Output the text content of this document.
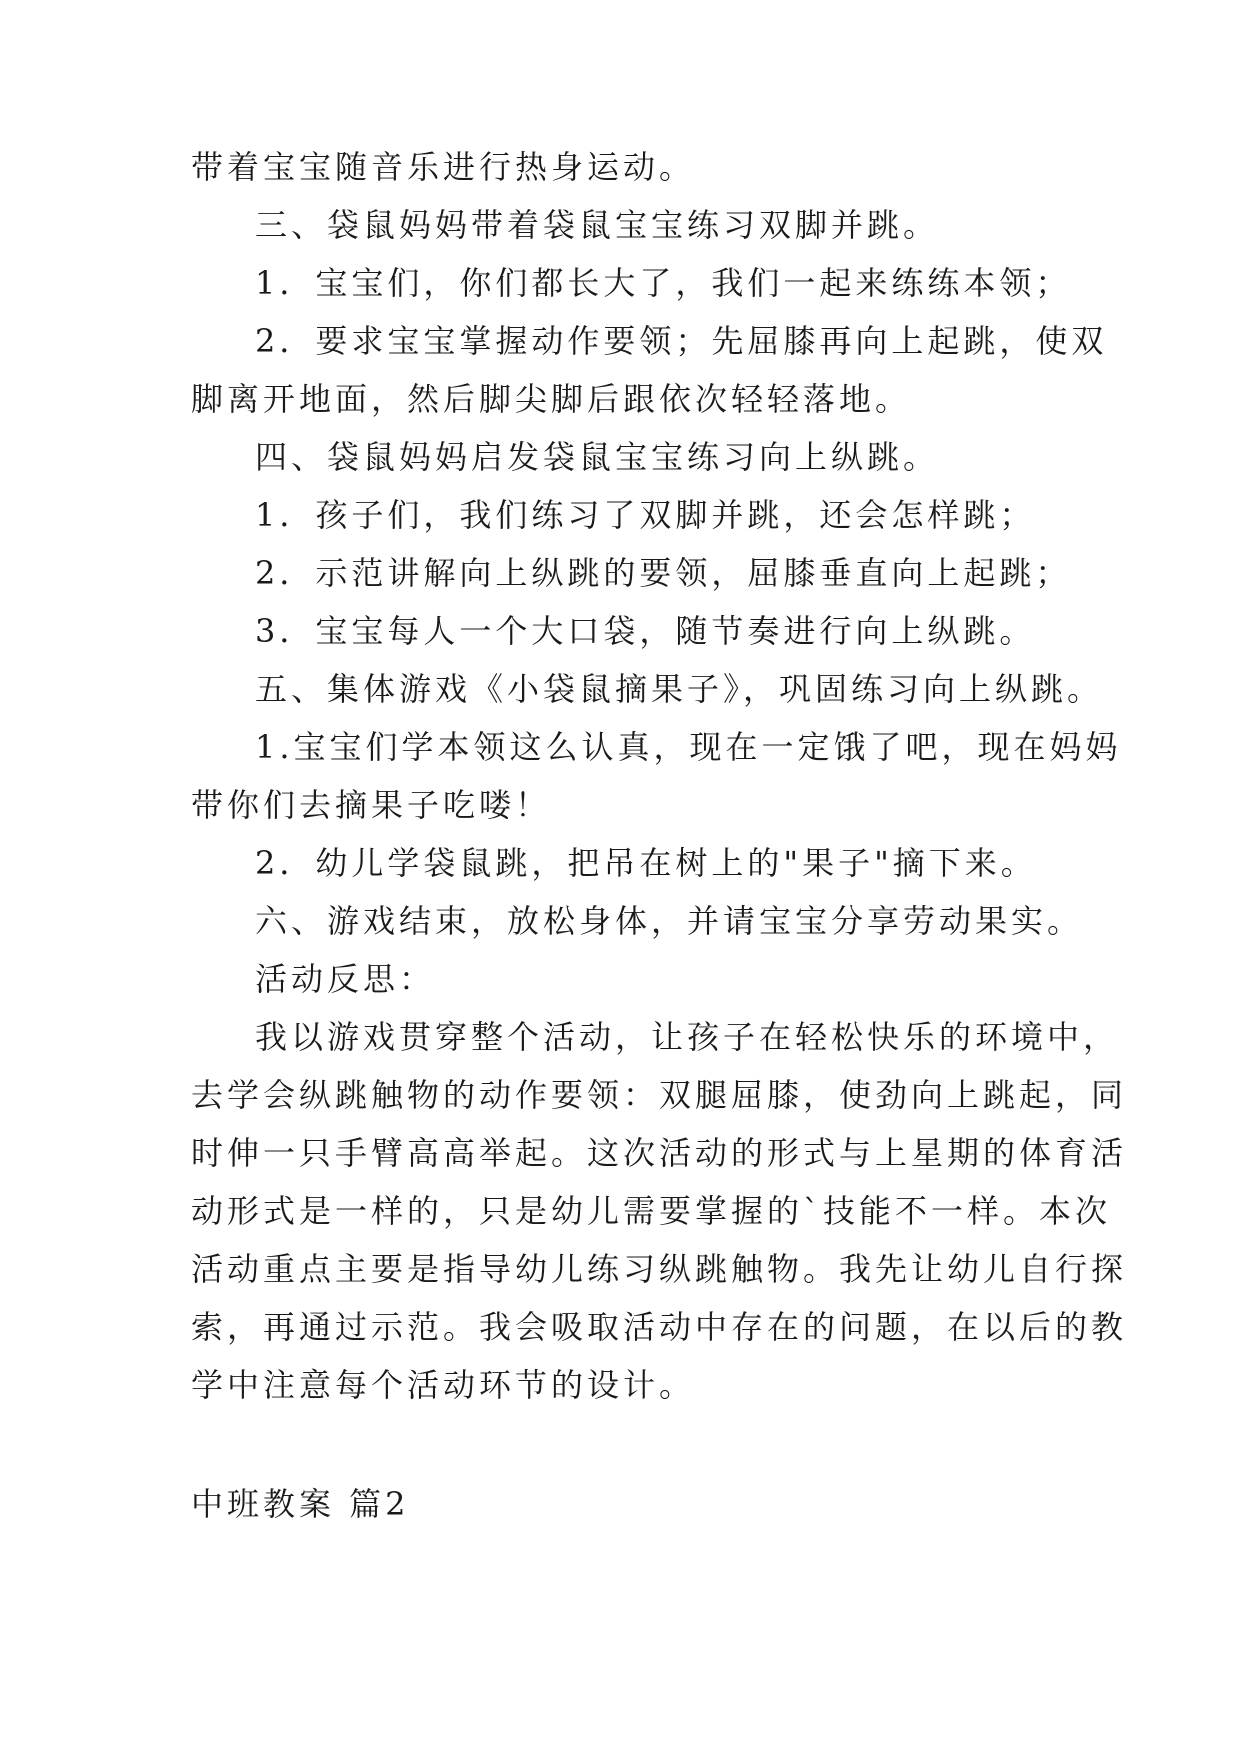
带着宝宝随音乐进行热身运动。
三、袋鼠妈妈带着袋鼠宝宝练习双脚并跳。
1．宝宝们，你们都长大了，我们一起来练练本领；
2．要求宝宝掌握动作要领；先屈膝再向上起跳，使双
脚离开地面，然后脚尖脚后跟依次轻轻落地。
四、袋鼠妈妈启发袋鼠宝宝练习向上纵跳。
1．孩子们，我们练习了双脚并跳，还会怎样跳；
2．示范讲解向上纵跳的要领，屈膝垂直向上起跳；
3．宝宝每人一个大口袋，随节奏进行向上纵跳。
五、集体游戏《小袋鼠摘果子》，巩固练习向上纵跳。
1.宝宝们学本领这么认真，现在一定饿了吧，现在妈妈
带你们去摘果子吃喽！
2．幼儿学袋鼠跳，把吊在树上的"果子"摘下来。
六、游戏结束，放松身体，并请宝宝分享劳动果实。
活动反思：
我以游戏贯穿整个活动，让孩子在轻松快乐的环境中，
去学会纵跳触物的动作要领：双腿屈膝，使劲向上跳起，同
时伸一只手臂高高举起。这次活动的形式与上星期的体育活
动形式是一样的，只是幼儿需要掌握的`技能不一样。本次
活动重点主要是指导幼儿练习纵跳触物。我先让幼儿自行探
索，再通过示范。我会吸取活动中存在的问题，在以后的教
学中注意每个活动环节的设计。
中班教案 篇2
